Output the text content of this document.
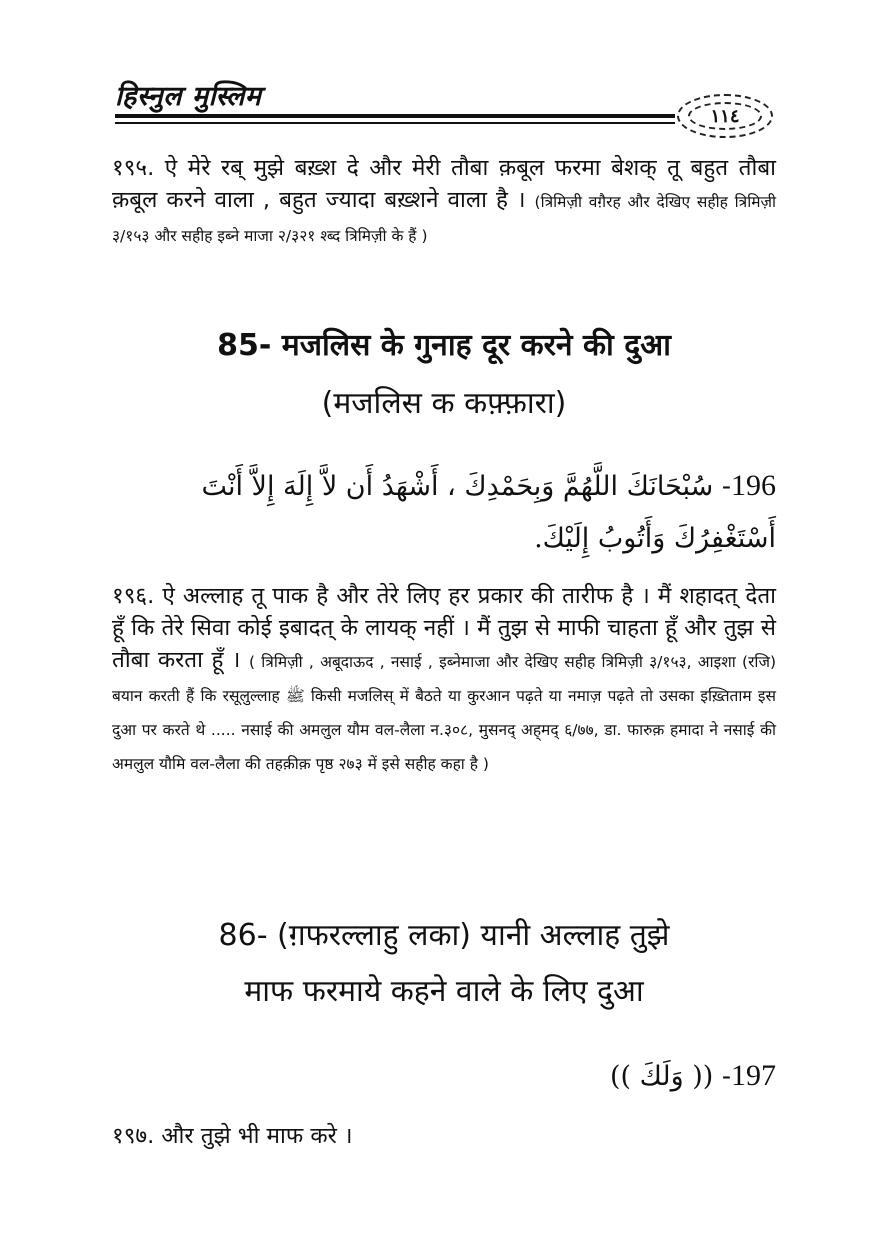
हिस्नुल मुस्लिम
١١٤
१९५. ऐ मेरे रब् मुझे बख़्श दे और मेरी तौबा क़बूल फरमा बेशक् तू बहुत तौबा क़बूल करने वाला , बहुत ज्यादा बख़्शने वाला है । (त्रिमिज़ी वग़ैरह और देखिए सहीह त्रिमिज़ी ३/१५३ और सहीह इब्ने माजा २/३२१ श्ब्द त्रिमिज़ी के हैं )
85- मजलिस के गुनाह दूर करने की दुआ
(मजलिस क कफ़्फ़ारा)
196- سُبْحَانَكَ اللَّهُمَّ وَبِحَمْدِكَ ، أَشْهَدُ أَن لاَّ إِلَهَ إِلاَّ أَنْتَ أَسْتَغْفِرُكَ وَأَتُوبُ إِلَيْكَ.
१९६. ऐ अल्लाह तू पाक है और तेरे लिए हर प्रकार की तारीफ है । मैं शहादत् देता हूँ कि तेरे सिवा कोई इबादत् के लायक् नहीं । मैं तुझ से माफी चाहता हूँ और तुझ से तौबा करता हूँ । ( त्रिमिज़ी , अबूदाऊद , नसाई , इब्नेमाजा और देखिए सहीह त्रिमिज़ी ३/१५३, आइशा (रजि) बयान करती हैं कि रसूलुल्लाह ﷺ किसी मजलिस् में बैठते या कुरआन पढ़ते या नमाज़ पढ़ते तो उसका इख़्तिताम इस दुआ पर करते थे ..... नसाई की अमलुल यौम वल-लैला न.३०८, मुसनद् अह्‌मद् ६/७७, डा. फारुक़ हमादा ने नसाई की अमलुल यौमि वल-लैला की तहक़ीक़ पृष्ठ २७३ में इसे सहीह कहा है )
86- (ग़फरल्लाहु लका) यानी अल्लाह तुझे
माफ फरमाये कहने वाले के लिए दुआ
197- (( وَلَكَ ))
१९७. और तुझे भी माफ करे ।
